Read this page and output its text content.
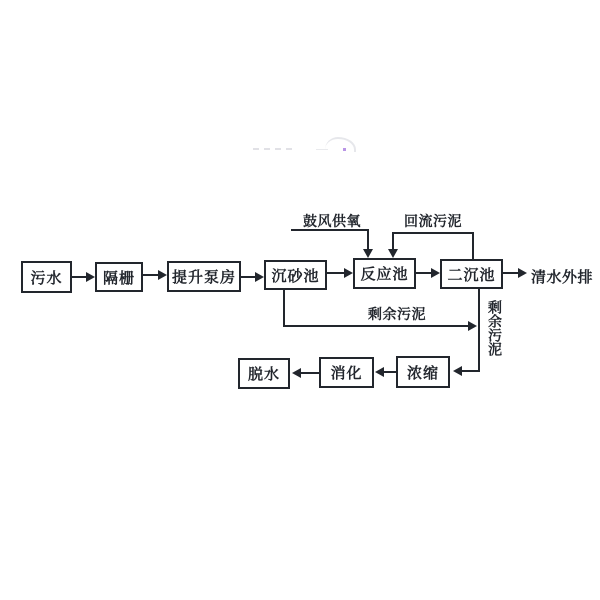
污水	隔栅 提升泵房 沉砂池	反应池	二沉池
浓缩
消化
脱水
鼓风供氧	回流污泥
剩余污泥	剩余污泥
清水外排
